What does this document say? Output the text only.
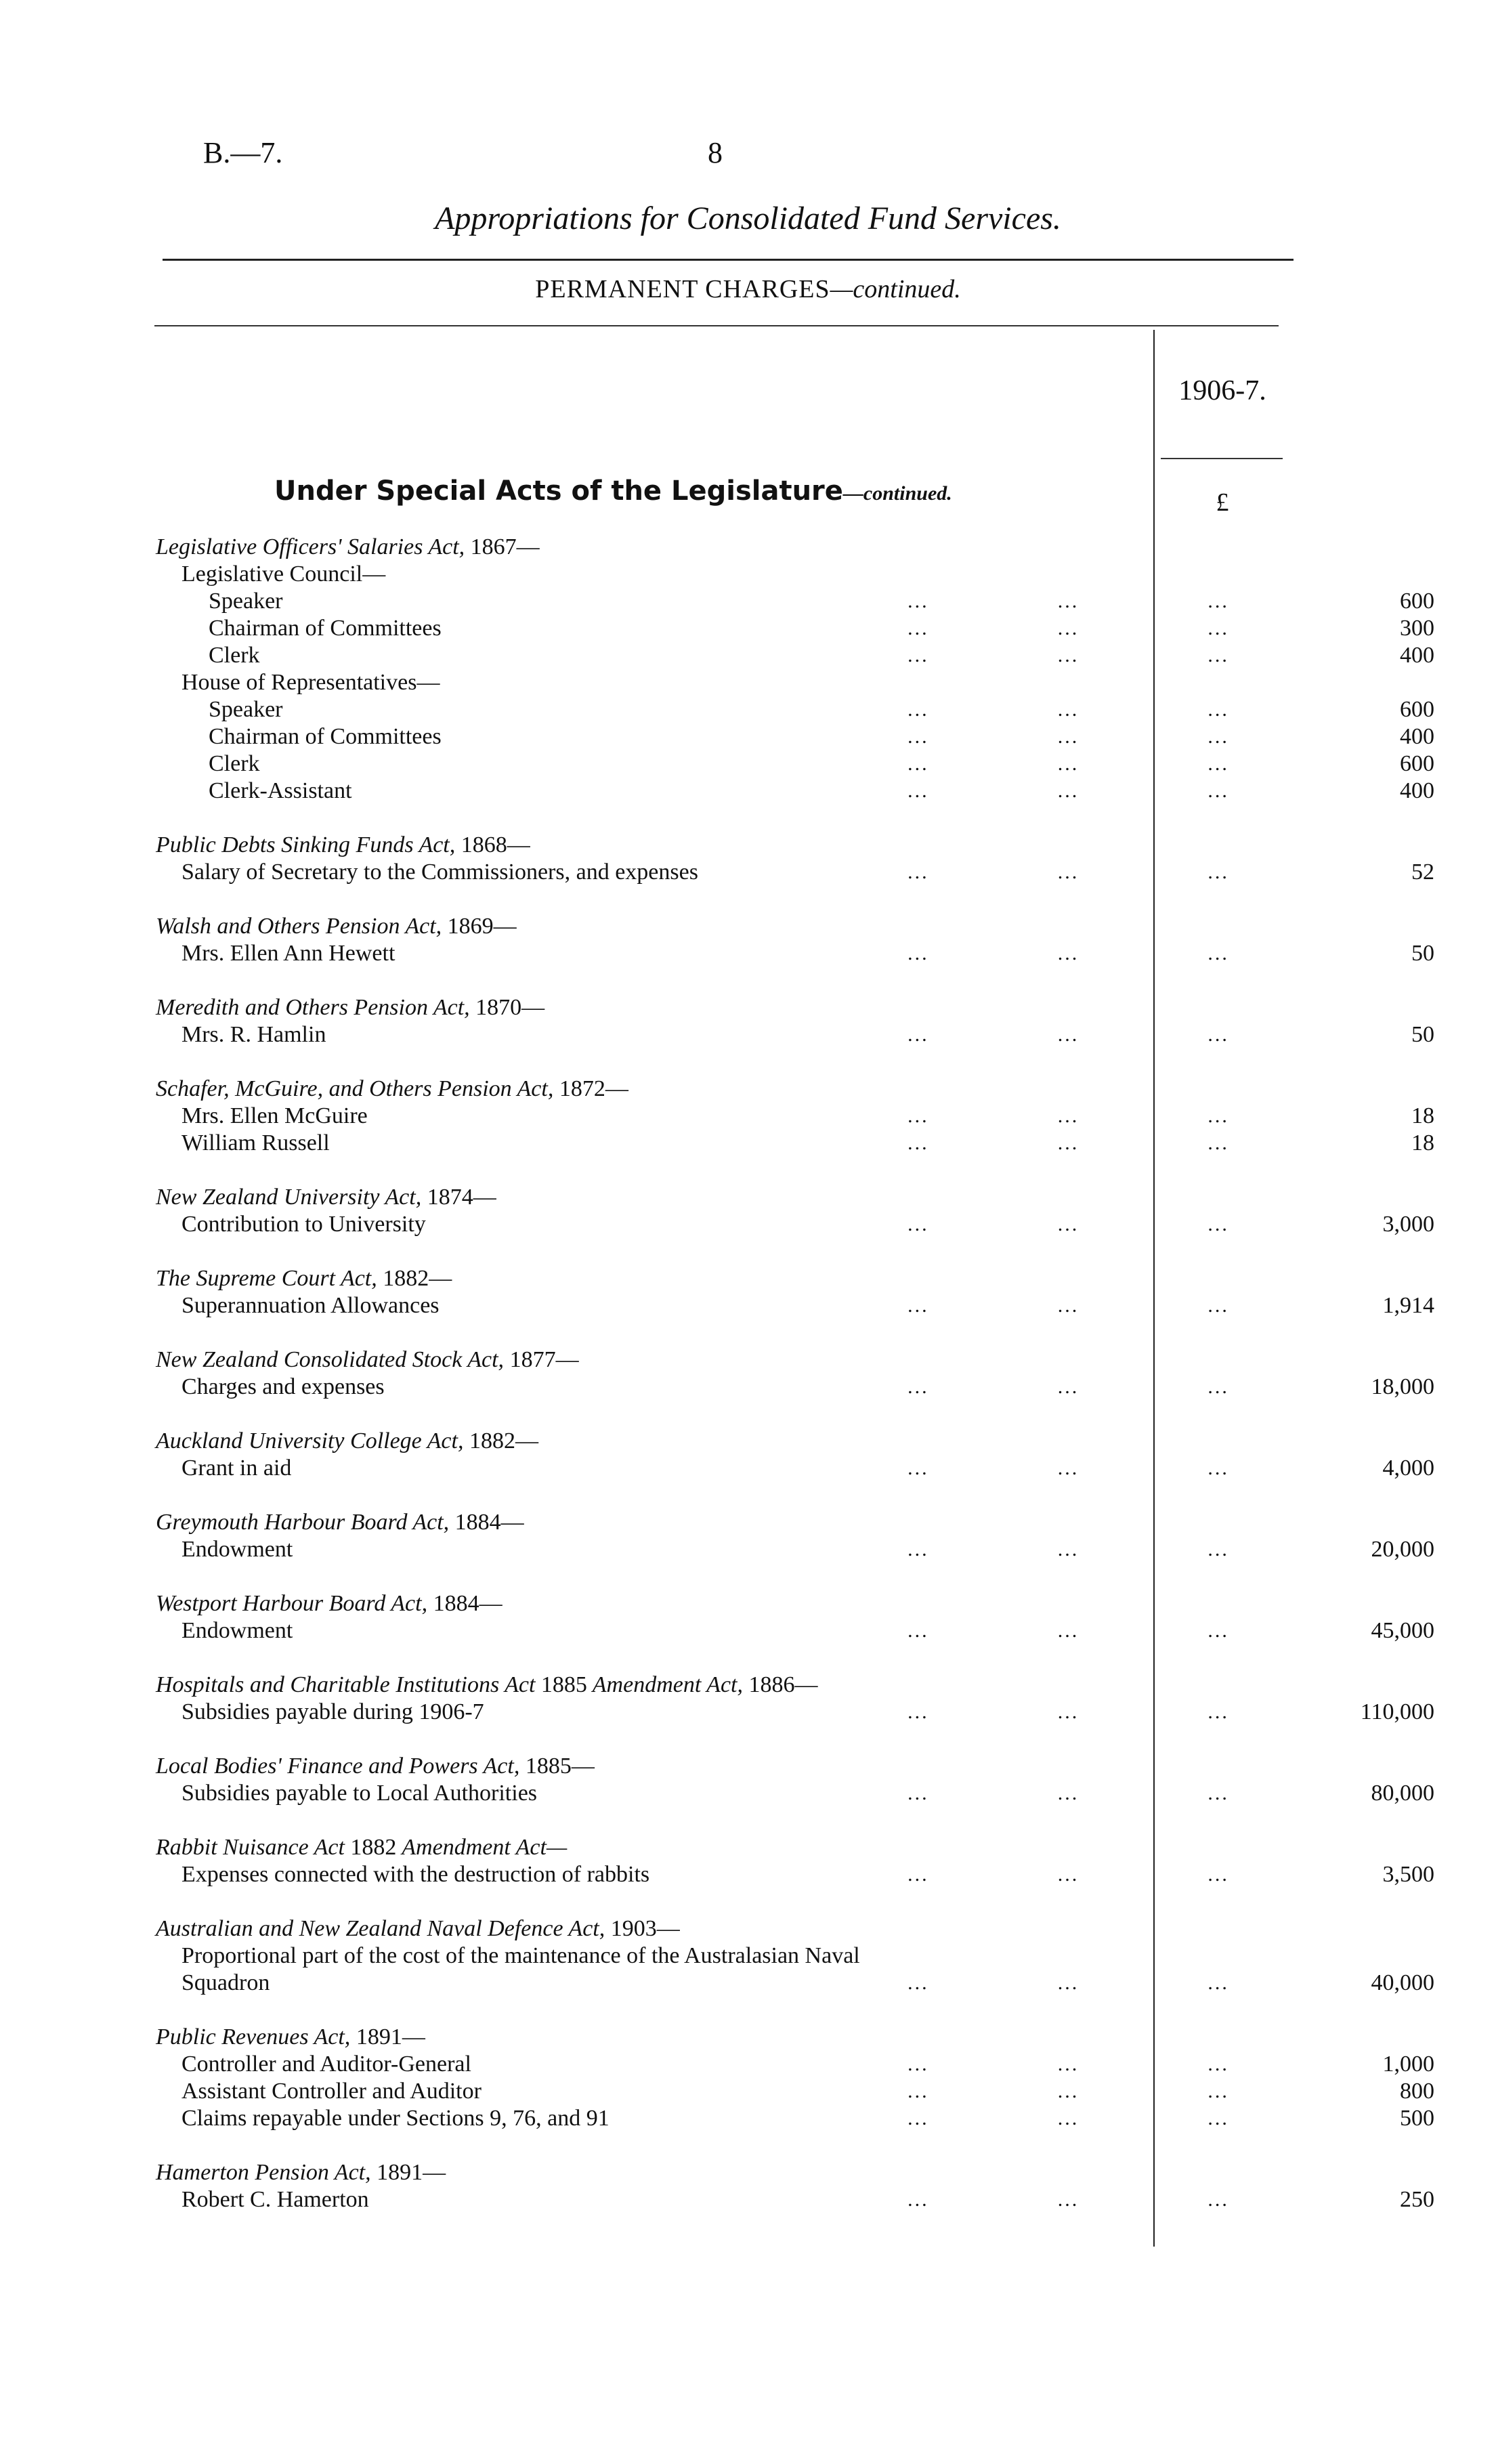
B.—7.	8
Appropriations for Consolidated Fund Services.
PERMANENT CHARGES—continued.
1906-7.
Under Special Acts of the Legislature—continued.	£
Legislative Officers' Salaries Act, 1867—
Legislative Council—
Speaker	...	...	...	600
Chairman of Committees	...	...	...	300
Clerk	...	...	...	400
House of Representatives—
Speaker	...	...	...	600
Chairman of Committees	...	...	...	400
Clerk	...	...	...	600
Clerk-Assistant	...	...	...	400
Public Debts Sinking Funds Act, 1868—
Salary of Secretary to the Commissioners, and expenses	...	...	...	52
Walsh and Others Pension Act, 1869—
Mrs. Ellen Ann Hewett	...	...	...	50
Meredith and Others Pension Act, 1870—
Mrs. R. Hamlin	...	...	...	50
Schafer, McGuire, and Others Pension Act, 1872—
Mrs. Ellen McGuire	...	...	...	18
William Russell	...	...	...	18
New Zealand University Act, 1874—
Contribution to University	...	...	...	3,000
The Supreme Court Act, 1882—
Superannuation Allowances	...	...	...	1,914
New Zealand Consolidated Stock Act, 1877—
Charges and expenses	...	...	...	18,000
Auckland University College Act, 1882—
Grant in aid	...	...	...	4,000
Greymouth Harbour Board Act, 1884—
Endowment	...	...	...	20,000
Westport Harbour Board Act, 1884—
Endowment	...	...	...	45,000
Hospitals and Charitable Institutions Act 1885 Amendment Act, 1886—
Subsidies payable during 1906-7	...	...	...	110,000
Local Bodies' Finance and Powers Act, 1885—
Subsidies payable to Local Authorities	...	...	...	80,000
Rabbit Nuisance Act 1882 Amendment Act—
Expenses connected with the destruction of rabbits	...	...	...	3,500
Australian and New Zealand Naval Defence Act, 1903—
Proportional part of the cost of the maintenance of the Australasian Naval
Squadron	...	...	...	40,000
Public Revenues Act, 1891—
Controller and Auditor-General	...	...	...	1,000
Assistant Controller and Auditor	...	...	...	800
Claims repayable under Sections 9, 76, and 91	...	...	...	500
Hamerton Pension Act, 1891—
Robert C. Hamerton	...	...	...	250
